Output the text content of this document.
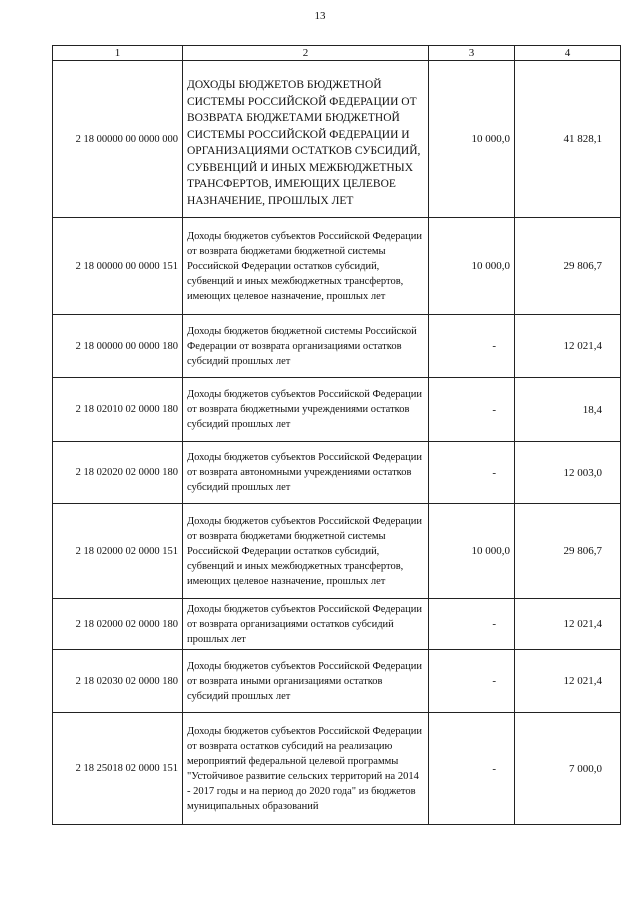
13
1	2	3	4
2 18 00000 00 0000 000	ДОХОДЫ БЮДЖЕТОВ БЮДЖЕТНОЙ СИСТЕМЫ РОССИЙСКОЙ ФЕДЕРАЦИИ ОТ ВОЗВРАТА БЮДЖЕТАМИ БЮДЖЕТНОЙ СИСТЕМЫ РОССИЙСКОЙ ФЕДЕРАЦИИ И ОРГАНИЗАЦИЯМИ ОСТАТКОВ СУБСИДИЙ, СУБВЕНЦИЙ И ИНЫХ МЕЖБЮДЖЕТНЫХ ТРАНСФЕРТОВ, ИМЕЮЩИХ ЦЕЛЕВОЕ НАЗНАЧЕНИЕ, ПРОШЛЫХ ЛЕТ	10 000,0	41 828,1
2 18 00000 00 0000 151	Доходы бюджетов субъектов Российской Федерации от возврата бюджетами бюджетной системы Российской Федерации остатков субсидий, субвенций и иных межбюджетных трансфертов, имеющих целевое назначение, прошлых лет	10 000,0	29 806,7
2 18 00000 00 0000 180	Доходы бюджетов бюджетной системы Российской Федерации от возврата организациями остатков субсидий прошлых лет	-	12 021,4
2 18 02010 02 0000 180	Доходы бюджетов субъектов Российской Федерации от возврата бюджетными учреждениями остатков субсидий прошлых лет	-	18,4
2 18 02020 02 0000 180	Доходы бюджетов субъектов Российской Федерации от возврата автономными учреждениями остатков субсидий прошлых лет	-	12 003,0
2 18 02000 02 0000 151	Доходы бюджетов субъектов Российской Федерации от возврата бюджетами бюджетной системы Российской Федерации остатков субсидий, субвенций и иных межбюджетных трансфертов, имеющих целевое назначение, прошлых лет	10 000,0	29 806,7
2 18 02000 02 0000 180	Доходы бюджетов субъектов Российской Федерации от возврата организациями остатков субсидий прошлых лет	-	12 021,4
2 18 02030 02 0000 180	Доходы бюджетов субъектов Российской Федерации от возврата иными организациями остатков субсидий прошлых лет	-	12 021,4
2 18 25018 02 0000 151	Доходы бюджетов субъектов Российской Федерации от возврата остатков субсидий на реализацию мероприятий федеральной целевой программы "Устойчивое развитие сельских территорий на 2014 - 2017 годы и на период до 2020 года" из бюджетов муниципальных образований	-	7 000,0
